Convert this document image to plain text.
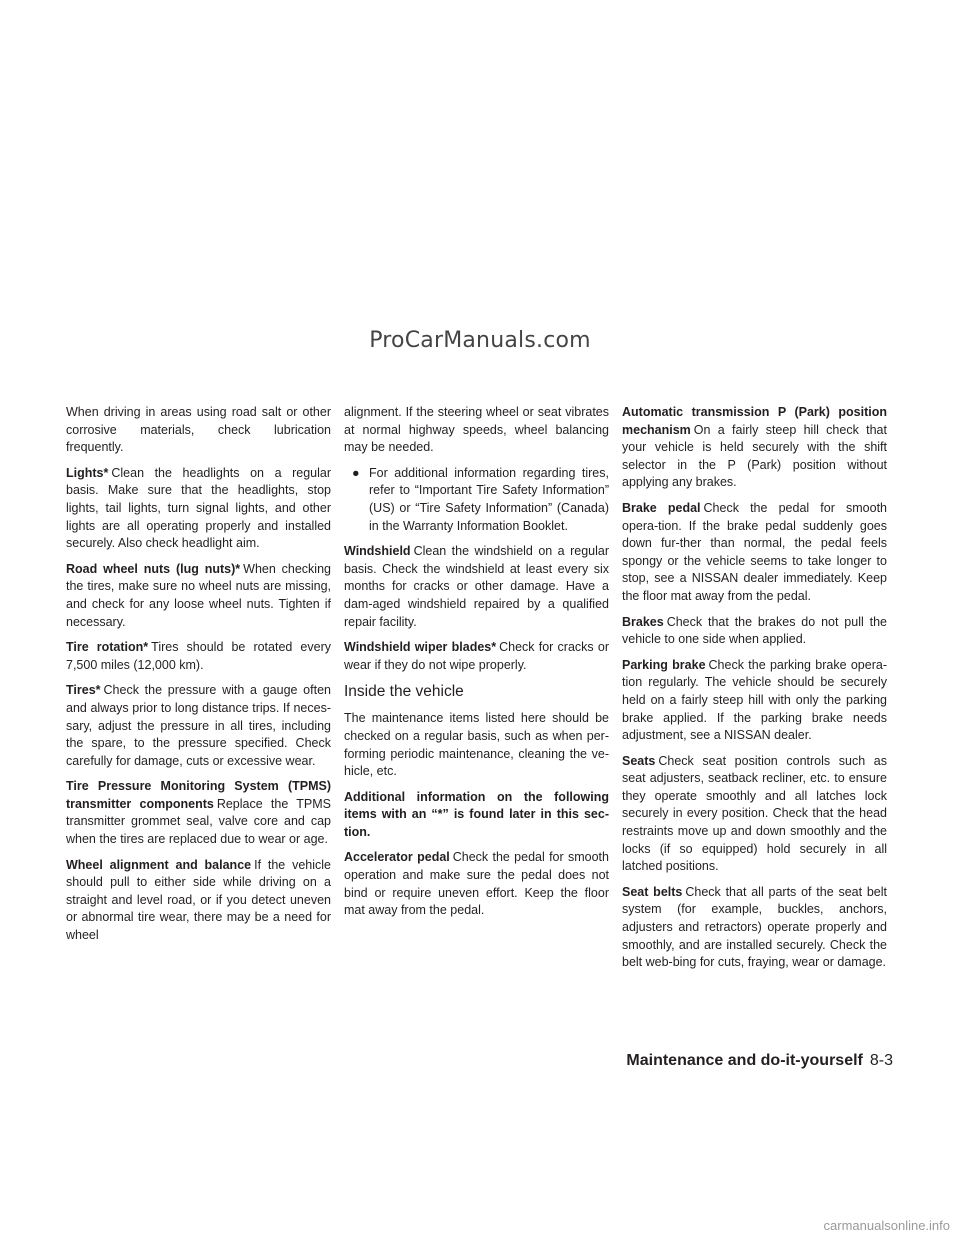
ProCarManuals.com

When driving in areas using road salt or other corrosive materials, check lubrication frequently.

Lights* Clean the headlights on a regular basis. Make sure that the headlights, stop lights, tail lights, turn signal lights, and other lights are all operating properly and installed securely. Also check headlight aim.

Road wheel nuts (lug nuts)* When checking the tires, make sure no wheel nuts are missing, and check for any loose wheel nuts. Tighten if necessary.

Tire rotation* Tires should be rotated every 7,500 miles (12,000 km).

Tires* Check the pressure with a gauge often and always prior to long distance trips. If neces-sary, adjust the pressure in all tires, including the spare, to the pressure specified. Check carefully for damage, cuts or excessive wear.

Tire Pressure Monitoring System (TPMS) transmitter components Replace the TPMS transmitter grommet seal, valve core and cap when the tires are replaced due to wear or age.

Wheel alignment and balance If the vehicle should pull to either side while driving on a straight and level road, or if you detect uneven or abnormal tire wear, there may be a need for wheel

alignment. If the steering wheel or seat vibrates at normal highway speeds, wheel balancing may be needed.

● For additional information regarding tires, refer to “Important Tire Safety Information” (US) or “Tire Safety Information” (Canada) in the Warranty Information Booklet.

Windshield Clean the windshield on a regular basis. Check the windshield at least every six months for cracks or other damage. Have a dam-aged windshield repaired by a qualified repair facility.

Windshield wiper blades* Check for cracks or wear if they do not wipe properly.

Inside the vehicle

The maintenance items listed here should be checked on a regular basis, such as when per-forming periodic maintenance, cleaning the ve-hicle, etc.

Additional information on the following items with an “*” is found later in this sec-tion.

Accelerator pedal Check the pedal for smooth operation and make sure the pedal does not bind or require uneven effort. Keep the floor mat away from the pedal.

Automatic transmission P (Park) position mechanism On a fairly steep hill check that your vehicle is held securely with the shift selector in the P (Park) position without applying any brakes.

Brake pedal Check the pedal for smooth opera-tion. If the brake pedal suddenly goes down fur-ther than normal, the pedal feels spongy or the vehicle seems to take longer to stop, see a NISSAN dealer immediately. Keep the floor mat away from the pedal.

Brakes Check that the brakes do not pull the vehicle to one side when applied.

Parking brake Check the parking brake opera-tion regularly. The vehicle should be securely held on a fairly steep hill with only the parking brake applied. If the parking brake needs adjustment, see a NISSAN dealer.

Seats Check seat position controls such as seat adjusters, seatback recliner, etc. to ensure they operate smoothly and all latches lock securely in every position. Check that the head restraints move up and down smoothly and the locks (if so equipped) hold securely in all latched positions.

Seat belts Check that all parts of the seat belt system (for example, buckles, anchors, adjusters and retractors) operate properly and smoothly, and are installed securely. Check the belt web-bing for cuts, fraying, wear or damage.

Maintenance and do-it-yourself 8-3
carmanualsonline.info
